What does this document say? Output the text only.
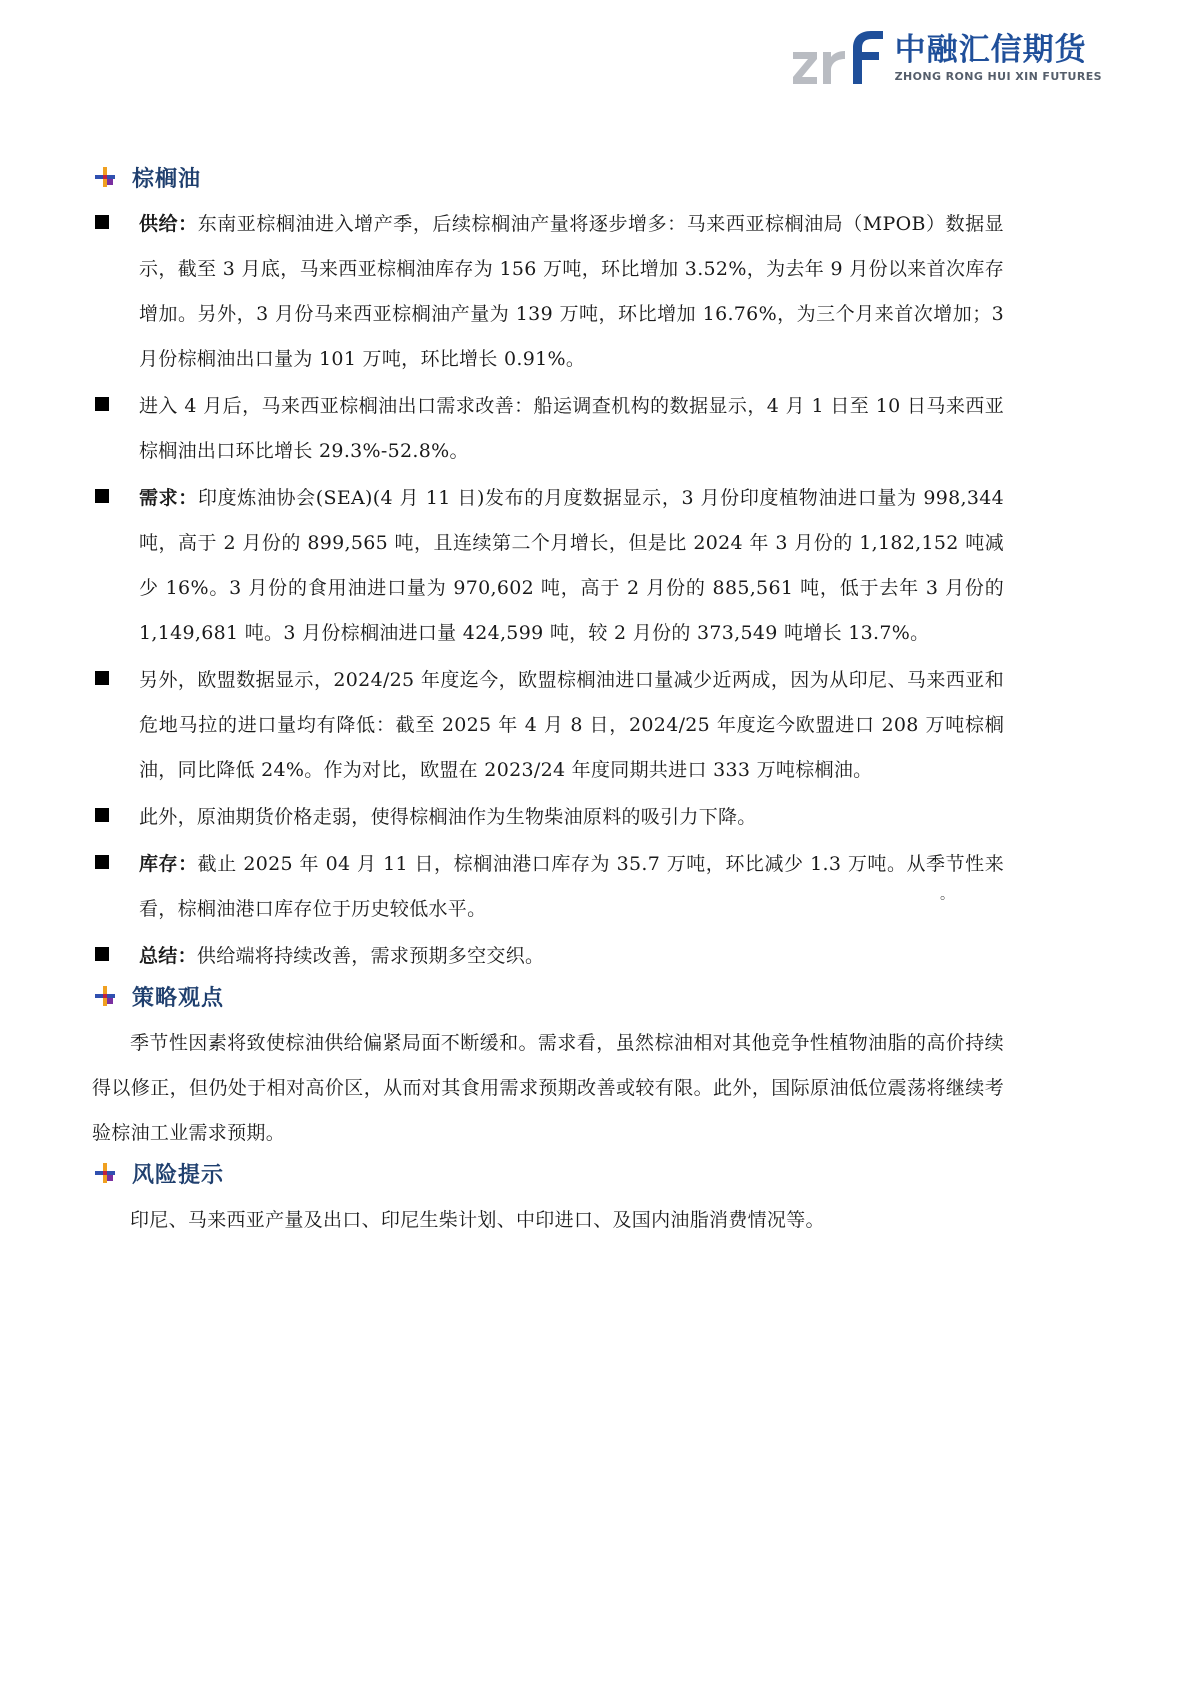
中融汇信期货
ZHONG RONG HUI XIN FUTURES
棕榈油
供给：东南亚棕榈油进入增产季，后续棕榈油产量将逐步增多：马来西亚棕榈油局（MPOB）数据显示，截至 3 月底，马来西亚棕榈油库存为 156 万吨，环比增加 3.52%，为去年 9 月份以来首次库存增加。另外，3 月份马来西亚棕榈油产量为 139 万吨，环比增加 16.76%，为三个月来首次增加；3 月份棕榈油出口量为 101 万吨，环比增长 0.91%。
进入 4 月后，马来西亚棕榈油出口需求改善：船运调查机构的数据显示，4 月 1 日至 10 日马来西亚棕榈油出口环比增长 29.3%-52.8%。
需求：印度炼油协会(SEA)(4 月 11 日)发布的月度数据显示，3 月份印度植物油进口量为 998,344 吨，高于 2 月份的 899,565 吨，且连续第二个月增长，但是比 2024 年 3 月份的 1,182,152 吨减少 16%。3 月份的食用油进口量为 970,602 吨，高于 2 月份的 885,561 吨，低于去年 3 月份的 1,149,681 吨。3 月份棕榈油进口量 424,599 吨，较 2 月份的 373,549 吨增长 13.7%。
另外，欧盟数据显示，2024/25 年度迄今，欧盟棕榈油进口量减少近两成，因为从印尼、马来西亚和危地马拉的进口量均有降低：截至 2025 年 4 月 8 日，2024/25 年度迄今欧盟进口 208 万吨棕榈油，同比降低 24%。作为对比，欧盟在 2023/24 年度同期共进口 333 万吨棕榈油。
此外，原油期货价格走弱，使得棕榈油作为生物柴油原料的吸引力下降。
库存：截止 2025 年 04 月 11 日，棕榈油港口库存为 35.7 万吨，环比减少 1.3 万吨。从季节性来看，棕榈油港口库存位于历史较低水平。
总结：供给端将持续改善，需求预期多空交织。
策略观点

季节性因素将致使棕油供给偏紧局面不断缓和。需求看，虽然棕油相对其他竞争性植物油脂的高价持续得以修正，但仍处于相对高价区，从而对其食用需求预期改善或较有限。此外，国际原油低位震荡将继续考验棕油工业需求预期。

风险提示

印尼、马来西亚产量及出口、印尼生柴计划、中印进口、及国内油脂消费情况等。

。
